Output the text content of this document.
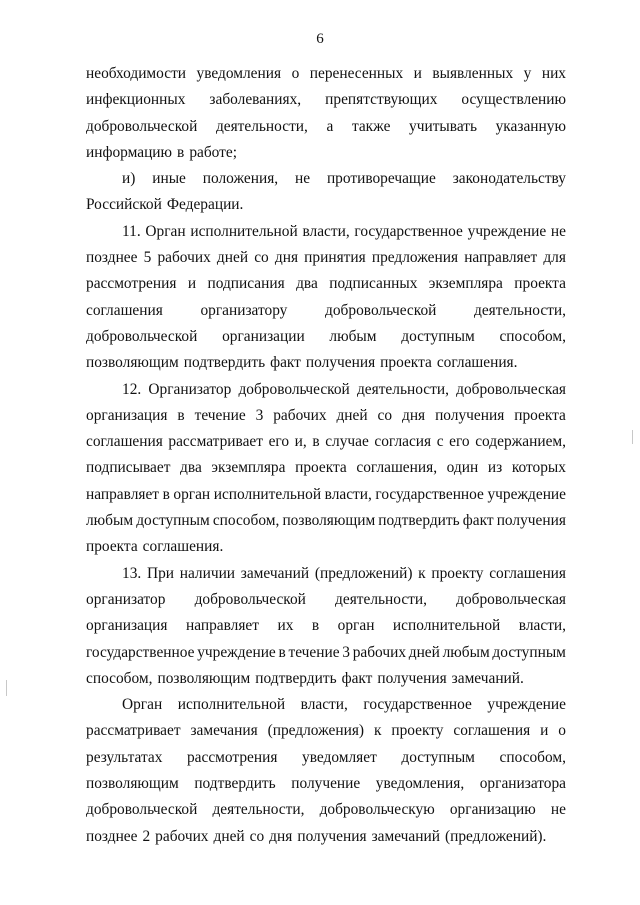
6
необходимости уведомления о перенесенных и выявленных у них
инфекционных заболеваниях, препятствующих осуществлению
добровольческой деятельности, а также учитывать указанную
информацию в работе;
и) иные положения, не противоречащие законодательству
Российской Федерации.
11. Орган исполнительной власти, государственное учреждение не
позднее 5 рабочих дней со дня принятия предложения направляет для
рассмотрения и подписания два подписанных экземпляра проекта
соглашения организатору добровольческой деятельности,
добровольческой организации любым доступным способом,
позволяющим подтвердить факт получения проекта соглашения.
12. Организатор добровольческой деятельности, добровольческая
организация в течение 3 рабочих дней со дня получения проекта
соглашения рассматривает его и, в случае согласия с его содержанием,
подписывает два экземпляра проекта соглашения, один из которых
направляет в орган исполнительной власти, государственное учреждение
любым доступным способом, позволяющим подтвердить факт получения
проекта соглашения.
13. При наличии замечаний (предложений) к проекту соглашения
организатор добровольческой деятельности, добровольческая
организация направляет их в орган исполнительной власти,
государственное учреждение в течение 3 рабочих дней любым доступным
способом, позволяющим подтвердить факт получения замечаний.
Орган исполнительной власти, государственное учреждение
рассматривает замечания (предложения) к проекту соглашения и о
результатах рассмотрения уведомляет доступным способом,
позволяющим подтвердить получение уведомления, организатора
добровольческой деятельности, добровольческую организацию не
позднее 2 рабочих дней со дня получения замечаний (предложений).
